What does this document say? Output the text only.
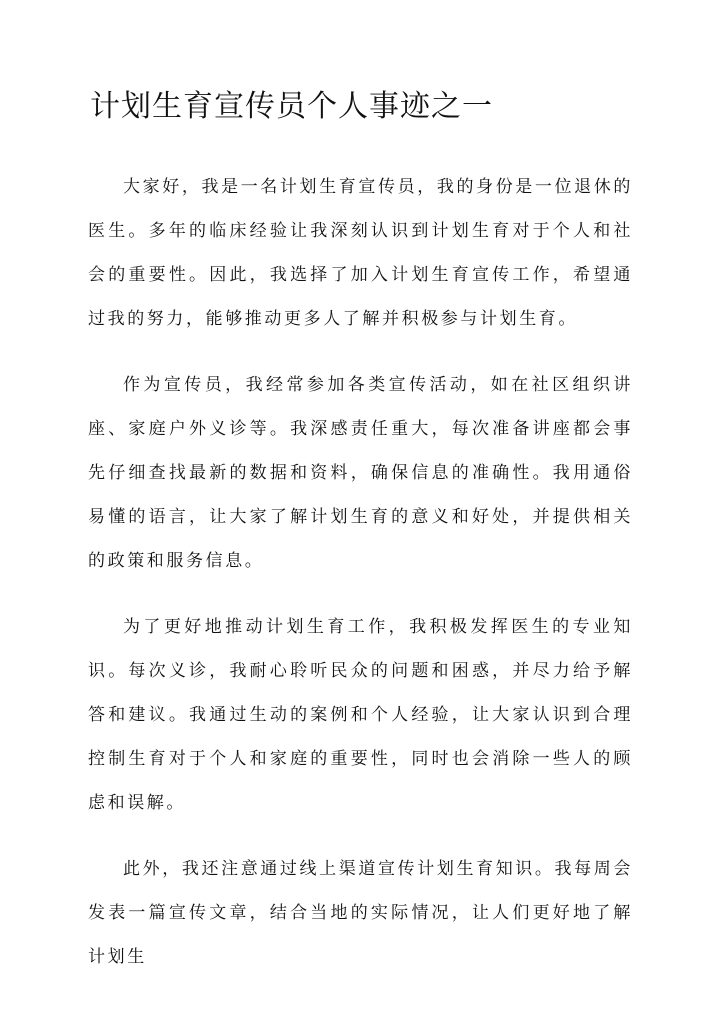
计划生育宣传员个人事迹之一

大家好，我是一名计划生育宣传员，我的身份是一位退休的医生。多年的临床经验让我深刻认识到计划生育对于个人和社会的重要性。因此，我选择了加入计划生育宣传工作，希望通过我的努力，能够推动更多人了解并积极参与计划生育。

作为宣传员，我经常参加各类宣传活动，如在社区组织讲座、家庭户外义诊等。我深感责任重大，每次准备讲座都会事先仔细查找最新的数据和资料，确保信息的准确性。我用通俗易懂的语言，让大家了解计划生育的意义和好处，并提供相关的政策和服务信息。

为了更好地推动计划生育工作，我积极发挥医生的专业知识。每次义诊，我耐心聆听民众的问题和困惑，并尽力给予解答和建议。我通过生动的案例和个人经验，让大家认识到合理控制生育对于个人和家庭的重要性，同时也会消除一些人的顾虑和误解。

此外，我还注意通过线上渠道宣传计划生育知识。我每周会发表一篇宣传文章，结合当地的实际情况，让人们更好地了解计划生
